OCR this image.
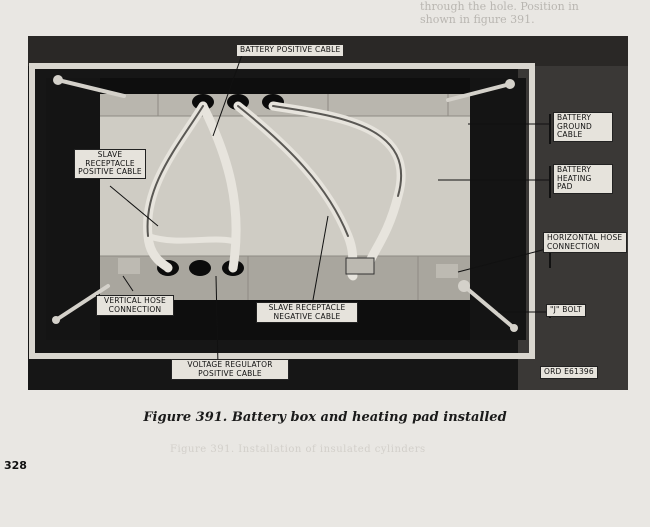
through the hole. Position in
shown in figure 391.
Figure 391. Installation of insulated cylinders
BATTERY POSITIVE CABLE
SLAVE RECEPTACLE POSITIVE CABLE
BATTERY GROUND CABLE
BATTERY HEATING PAD
HORIZONTAL HOSE CONNECTION
"J" BOLT
VERTICAL HOSE CONNECTION	SLAVE RECEPTACLE NEGATIVE CABLE
VOLTAGE REGULATOR POSITIVE CABLE	ORD E61396
Figure 391. Battery box and heating pad installed
328
